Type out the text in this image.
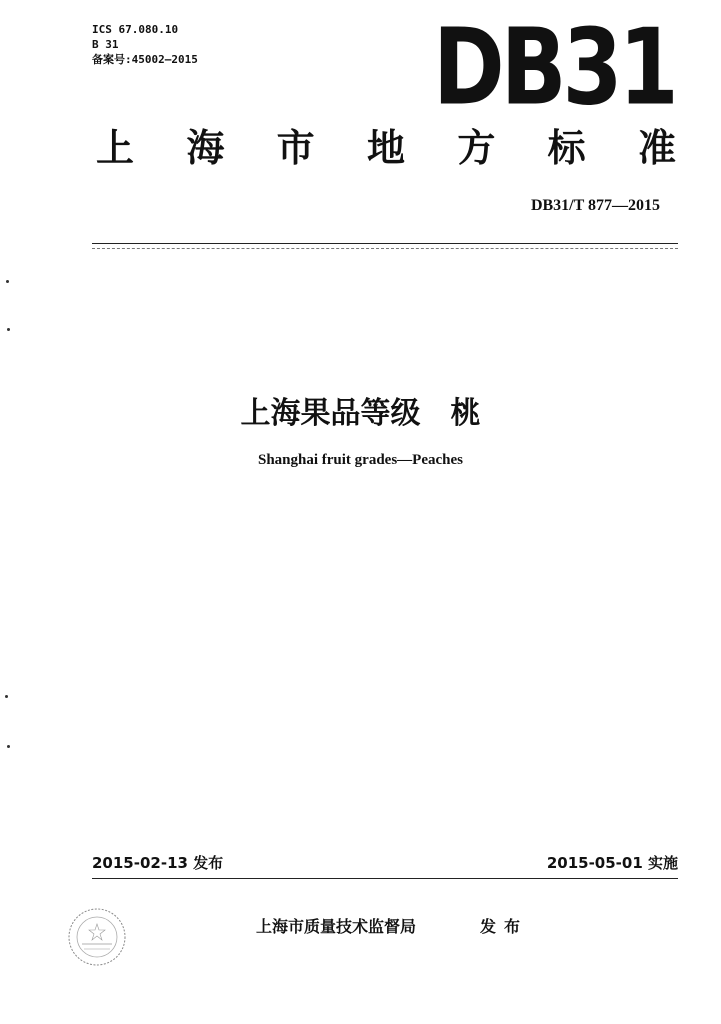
ICS 67.080.10
B 31
备案号:45002—2015 DB31
上 海 市 地 方 标 准
DB31/T 877—2015
上海果品等级　桃
Shanghai fruit grades—Peaches
2015-02-13 发布	2015-05-01 实施
上海市质量技术监督局	发布
